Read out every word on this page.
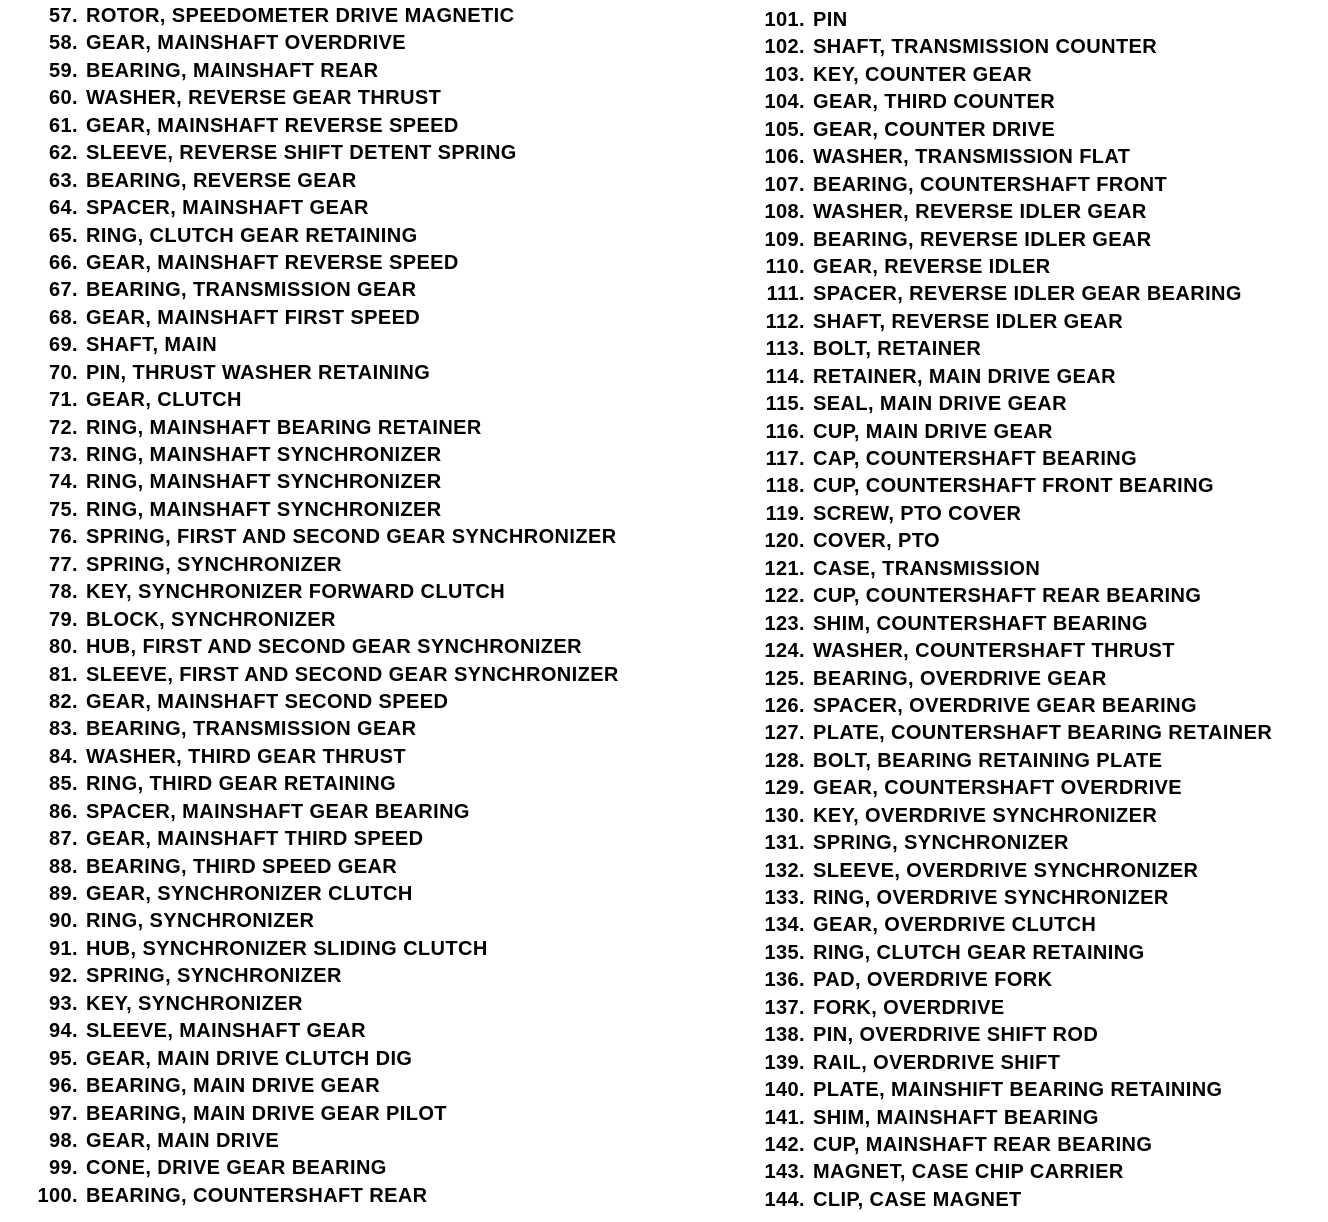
57. ROTOR, SPEEDOMETER DRIVE MAGNETIC
58. GEAR, MAINSHAFT OVERDRIVE
59. BEARING, MAINSHAFT REAR
60. WASHER, REVERSE GEAR THRUST
61. GEAR, MAINSHAFT REVERSE SPEED
62. SLEEVE, REVERSE SHIFT DETENT SPRING
63. BEARING, REVERSE GEAR
64. SPACER, MAINSHAFT GEAR
65. RING, CLUTCH GEAR RETAINING
66. GEAR, MAINSHAFT REVERSE SPEED
67. BEARING, TRANSMISSION GEAR
68. GEAR, MAINSHAFT FIRST SPEED
69. SHAFT, MAIN
70. PIN, THRUST WASHER RETAINING
71. GEAR, CLUTCH
72. RING, MAINSHAFT BEARING RETAINER
73. RING, MAINSHAFT SYNCHRONIZER
74. RING, MAINSHAFT SYNCHRONIZER
75. RING, MAINSHAFT SYNCHRONIZER
76. SPRING, FIRST AND SECOND GEAR SYNCHRONIZER
77. SPRING, SYNCHRONIZER
78. KEY, SYNCHRONIZER FORWARD CLUTCH
79. BLOCK, SYNCHRONIZER
80. HUB, FIRST AND SECOND GEAR SYNCHRONIZER
81. SLEEVE, FIRST AND SECOND GEAR SYNCHRONIZER
82. GEAR, MAINSHAFT SECOND SPEED
83. BEARING, TRANSMISSION GEAR
84. WASHER, THIRD GEAR THRUST
85. RING, THIRD GEAR RETAINING
86. SPACER, MAINSHAFT GEAR BEARING
87. GEAR, MAINSHAFT THIRD SPEED
88. BEARING, THIRD SPEED GEAR
89. GEAR, SYNCHRONIZER CLUTCH
90. RING, SYNCHRONIZER
91. HUB, SYNCHRONIZER SLIDING CLUTCH
92. SPRING, SYNCHRONIZER
93. KEY, SYNCHRONIZER
94. SLEEVE, MAINSHAFT GEAR
95. GEAR, MAIN DRIVE CLUTCH DIG
96. BEARING, MAIN DRIVE GEAR
97. BEARING, MAIN DRIVE GEAR PILOT
98. GEAR, MAIN DRIVE
99. CONE, DRIVE GEAR BEARING
100. BEARING, COUNTERSHAFT REAR
101. PIN
102. SHAFT, TRANSMISSION COUNTER
103. KEY, COUNTER GEAR
104. GEAR, THIRD COUNTER
105. GEAR, COUNTER DRIVE
106. WASHER, TRANSMISSION FLAT
107. BEARING, COUNTERSHAFT FRONT
108. WASHER, REVERSE IDLER GEAR
109. BEARING, REVERSE IDLER GEAR
110. GEAR, REVERSE IDLER
111. SPACER, REVERSE IDLER GEAR BEARING
112. SHAFT, REVERSE IDLER GEAR
113. BOLT, RETAINER
114. RETAINER, MAIN DRIVE GEAR
115. SEAL, MAIN DRIVE GEAR
116. CUP, MAIN DRIVE GEAR
117. CAP, COUNTERSHAFT BEARING
118. CUP, COUNTERSHAFT FRONT BEARING
119. SCREW, PTO COVER
120. COVER, PTO
121. CASE, TRANSMISSION
122. CUP, COUNTERSHAFT REAR BEARING
123. SHIM, COUNTERSHAFT BEARING
124. WASHER, COUNTERSHAFT THRUST
125. BEARING, OVERDRIVE GEAR
126. SPACER, OVERDRIVE GEAR BEARING
127. PLATE, COUNTERSHAFT BEARING RETAINER
128. BOLT, BEARING RETAINING PLATE
129. GEAR, COUNTERSHAFT OVERDRIVE
130. KEY, OVERDRIVE SYNCHRONIZER
131. SPRING, SYNCHRONIZER
132. SLEEVE, OVERDRIVE SYNCHRONIZER
133. RING, OVERDRIVE SYNCHRONIZER
134. GEAR, OVERDRIVE CLUTCH
135. RING, CLUTCH GEAR RETAINING
136. PAD, OVERDRIVE FORK
137. FORK, OVERDRIVE
138. PIN, OVERDRIVE SHIFT ROD
139. RAIL, OVERDRIVE SHIFT
140. PLATE, MAINSHIFT BEARING RETAINING
141. SHIM, MAINSHAFT BEARING
142. CUP, MAINSHAFT REAR BEARING
143. MAGNET, CASE CHIP CARRIER
144. CLIP, CASE MAGNET
